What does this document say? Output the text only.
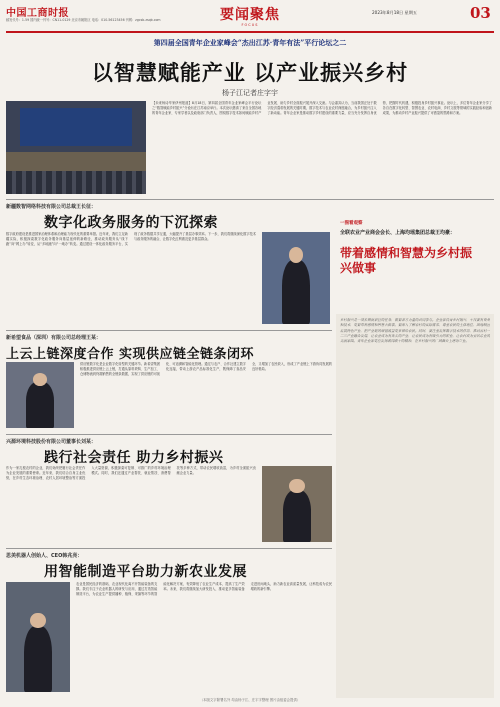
中国工商时报
邮发代号：1-59 国内统一刊号：CN11-0129 北京市朝阳区 电话：010-56123456 刊网：zgcsb.zsqb.com	要闻聚焦
FOCUS
2023年8月18日 星期五	03
第四届全国青年企业家峰会“杰出江苏·青年有法”平行论坛之二
以智慧赋能产业 以产业振兴乡村
杨子江记者庄字宇
【未来杨诗华家伊州报道】8月18日，第四届全国青年企业家峰会平行论坛之“数智赋能乡村振兴”分论坛在江苏南京举行。本次论坛邀请了来自全国各地的青年企业家、专家学者以及政府部门负责人，围绕数字技术如何赋能乡村产业发展、助力乡村全面振兴展开深入交流。与会嘉宾认为，当前我国正处于数字经济蓬勃发展的关键时期，数字技术与农业农村深度融合，为乡村振兴注入了新动能。青年企业家是推动数字乡村建设的重要力量，应当充分发挥自身优势，把握时代机遇，积极投身乡村振兴事业。论坛上，多位青年企业家分享了各自在数字化转型、智慧农业、农村电商、乡村文旅等领域的实践经验和创新成果，为推动乡村产业振兴提供了可借鉴的思路和方案。
新疆数智网络科技有限公司总裁王长征：
数字化政务服务的下沉探索
数字政府建设是推进国家治理体系和治理能力现代化的重要举措。近年来，我们立足新疆实际，积极探索数字化政务服务向基层延伸的新路径，推动政务服务从“线下跑”向“网上办”转变，从“多地跑”向“一地办”转变。通过建设一体化政务服务平台，实现了政务数据共享互通，大幅提升了基层办事效率。下一步，我们将继续深化数字技术与政务服务的融合，让数字化红利惠及更多基层群众。
一图看观察
全联农业产业商会会长、上海均瑶集团总裁王均豪：
带着感情和智慧为乡村振兴做事
乡村振兴是一项长期而艰巨的任务，需要各方力量的共同参与。企业家投身乡村振兴，不仅要有资金和技术，更要带着感情和智慧去做事。要深入了解农村的实际需求，尊重农民的主体地位，因地制宜发展特色产业，把产业链的增值收益更多留给农民。同时，要注重发挥数字技术的作用，推动农村一二三产业融合发展，让农业成为有奔头的产业，让农民成为有吸引力的职业，让农村成为安居乐业的美丽家园。青年企业家更应发扬敢闯敢干的精神，在乡村振兴的广阔舞台上建功立业。
新希望食品（深圳）有限公司总经理王某：
上云上链深度合作 实现供应链全链条闭环
供应链数字化是企业数字化转型的关键环节。新希望集团积极推进供应链上云上链，打通从原料采购、生产加工、仓储物流到终端销售的全链条数据，实现了供应链的可视化、可追溯和智能化管理。通过与农户、合作社建立数字化连接，带动上游农产品标准化生产，既保障了食品安全，又增加了农民收入，形成了产业链上下游协同发展的良好格局。
兴源环境科技股份有限公司董事长刘某：
践行社会责任 助力乡村振兴
作为一家扎根农村的企业，我们始终把履行社会责任作为企业发展的重要使命。近年来，我们结合自身主业优势，在乡村生态环境治理、农村人居环境整治等方面投入大量资源，积极探索可复制、可推广的乡村环境治理模式。同时，我们还通过产业帮扶、就业帮扶、消费帮扶等多种方式，带动农民增收致富，为乡村全面振兴贡献企业力量。
思美机器人创始人、CEO韩兆亮：
用智能制造平台助力新农业发展
农业是国民经济的基础，农业现代化离不开智能装备的支撑。我们专注于农业机器人的研发与应用，通过打造智能制造平台，为农业生产提供播种、植保、采摘等环节的智能化解决方案，有效降低了农业生产成本，提高了生产效率。未来，我们将继续加大研发投入，推动更多智能装备走进田间地头，助力新农业高质量发展，让科技成为农民增收的新引擎。
（本版文字除署名外 均由杨子江、庄宇宇整理 图片由组委会提供）
